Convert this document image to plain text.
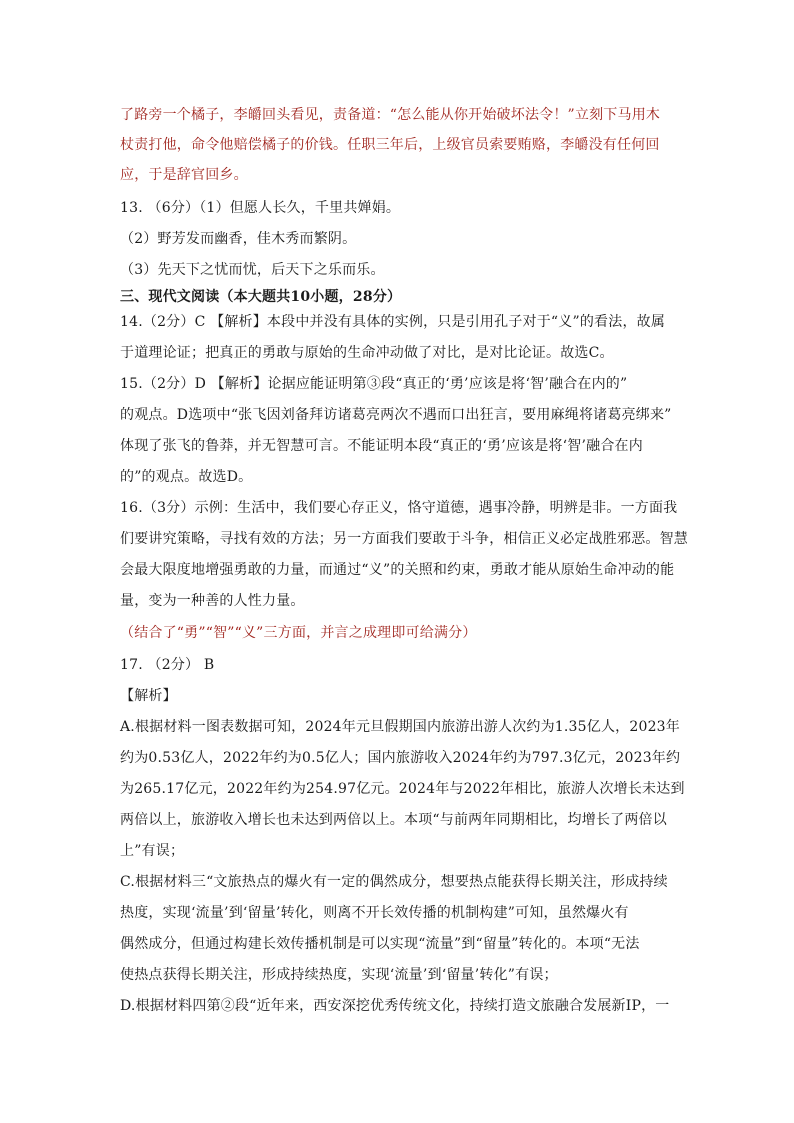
了路旁一个橘子，李皭回头看见，责备道：“怎么能从你开始破坏法令！”立刻下马用木
杖责打他，命令他赔偿橘子的价钱。任职三年后，上级官员索要贿赂，李皭没有任何回
应，于是辞官回乡。
13. （6分）（1）但愿人长久，千里共婵娟。
（2）野芳发而幽香，佳木秀而繁阴。
（3）先天下之忧而忧，后天下之乐而乐。
三、现代文阅读（本大题共10小题，28分）
14.（2分）C 【解析】本段中并没有具体的实例，只是引用孔子对于“义”的看法，故属
于道理论证；把真正的勇敢与原始的生命冲动做了对比，是对比论证。故选C。
15.（2分）D 【解析】论据应能证明第③段“真正的‘勇’应该是将‘智’融合在内的”
的观点。D选项中“张飞因刘备拜访诸葛亮两次不遇而口出狂言，要用麻绳将诸葛亮绑来”
体现了张飞的鲁莽，并无智慧可言。不能证明本段“真正的‘勇’应该是将‘智’融合在内
的”的观点。故选D。
16.（3分）示例：生活中，我们要心存正义，恪守道德，遇事冷静，明辨是非。一方面我
们要讲究策略，寻找有效的方法；另一方面我们要敢于斗争，相信正义必定战胜邪恶。智慧
会最大限度地增强勇敢的力量，而通过“义”的关照和约束，勇敢才能从原始生命冲动的能
量，变为一种善的人性力量。
（结合了“勇”“智”“义”三方面，并言之成理即可给满分）
17. （2分） B
【解析】
A.根据材料一图表数据可知，2024年元旦假期国内旅游出游人次约为1.35亿人，2023年
约为0.53亿人，2022年约为0.5亿人；国内旅游收入2024年约为797.3亿元，2023年约
为265.17亿元，2022年约为254.97亿元。2024年与2022年相比，旅游人次增长未达到
两倍以上，旅游收入增长也未达到两倍以上。本项“与前两年同期相比，均增长了两倍以
上”有误；
C.根据材料三“文旅热点的爆火有一定的偶然成分，想要热点能获得长期关注，形成持续
热度，实现‘流量’到‘留量’转化，则离不开长效传播的机制构建”可知，虽然爆火有
偶然成分，但通过构建长效传播机制是可以实现“流量”到“留量”转化的。本项“无法
使热点获得长期关注，形成持续热度，实现‘流量’到‘留量’转化”有误；
D.根据材料四第②段“近年来，西安深挖优秀传统文化，持续打造文旅融合发展新IP，一
